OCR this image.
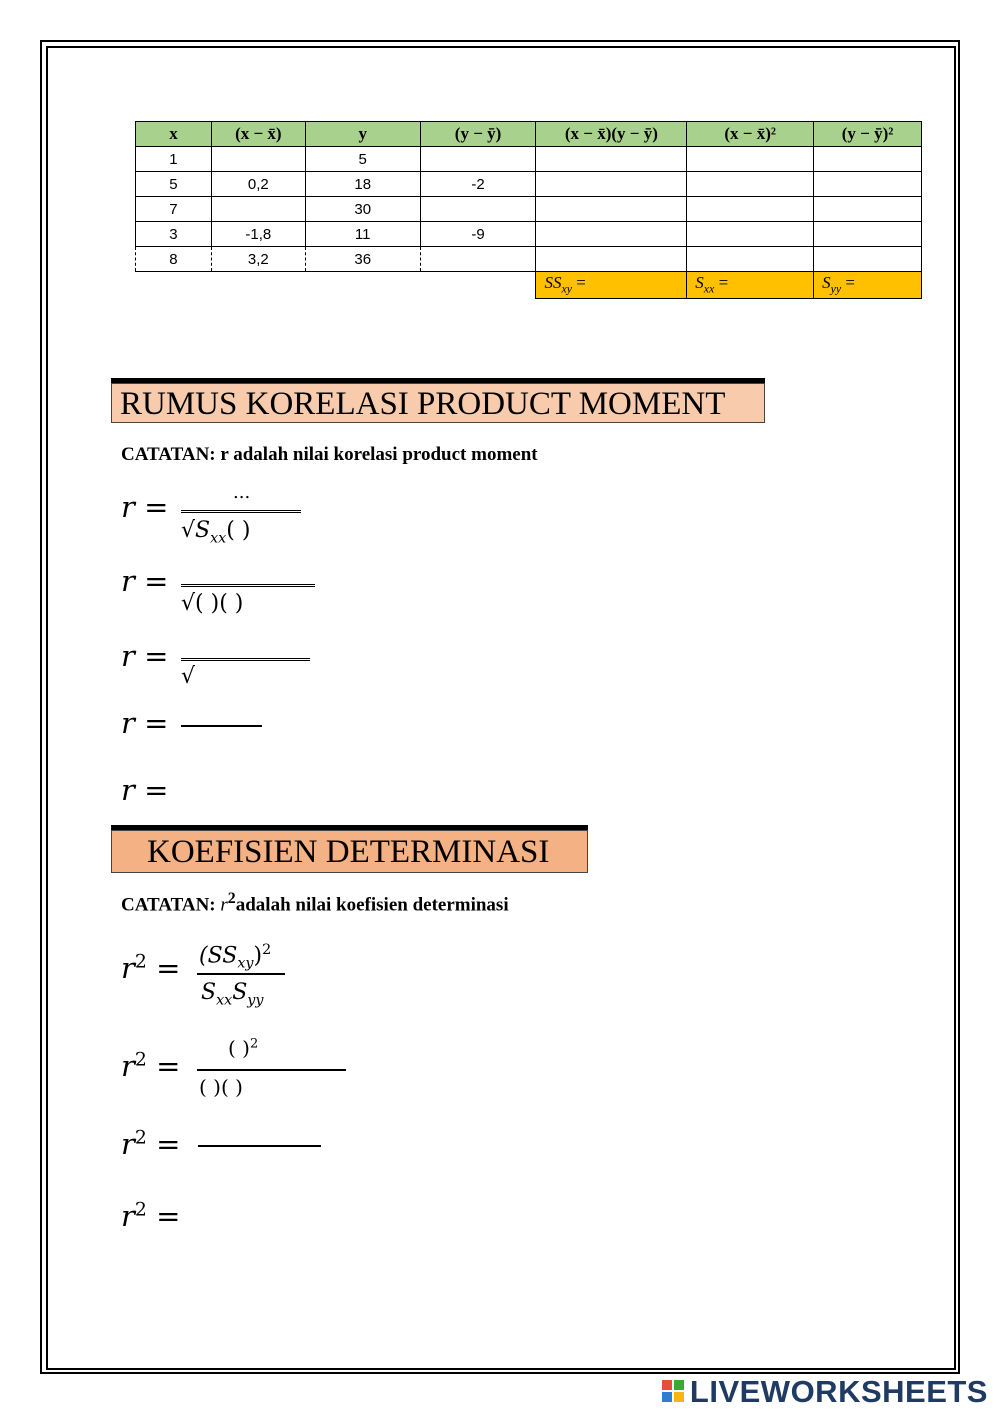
x	(x − x̄)	y	(y − ȳ)	(x − x̄)(y − ȳ)	(x − x̄)²	(y − ȳ)²
1		5				
5	0,2	18	-2			
7		30				
3	-1,8	11	-9			
8	3,2	36				
				$SS_{xy}$ =	$S_{xx}$ =	$S_{yy}$ =
RUMUS KORELASI PRODUCT MOMENT
CATATAN: r adalah nilai korelasi product moment
r =	...
$√S_{xx}$( )
r =
√( )( )
r =
√
r =
r =
KOEFISIEN DETERMINASI
CATATAN: $r^2adalah$ nilai koefisien determinasi
$r^2 = (SS_{xy})^2$
$S_{xx}S_{yy}$
$r^2$ =
( )$^2$
( )( )
$r^2$ =
$r^2$ =
LIVEWORKSHEETS
